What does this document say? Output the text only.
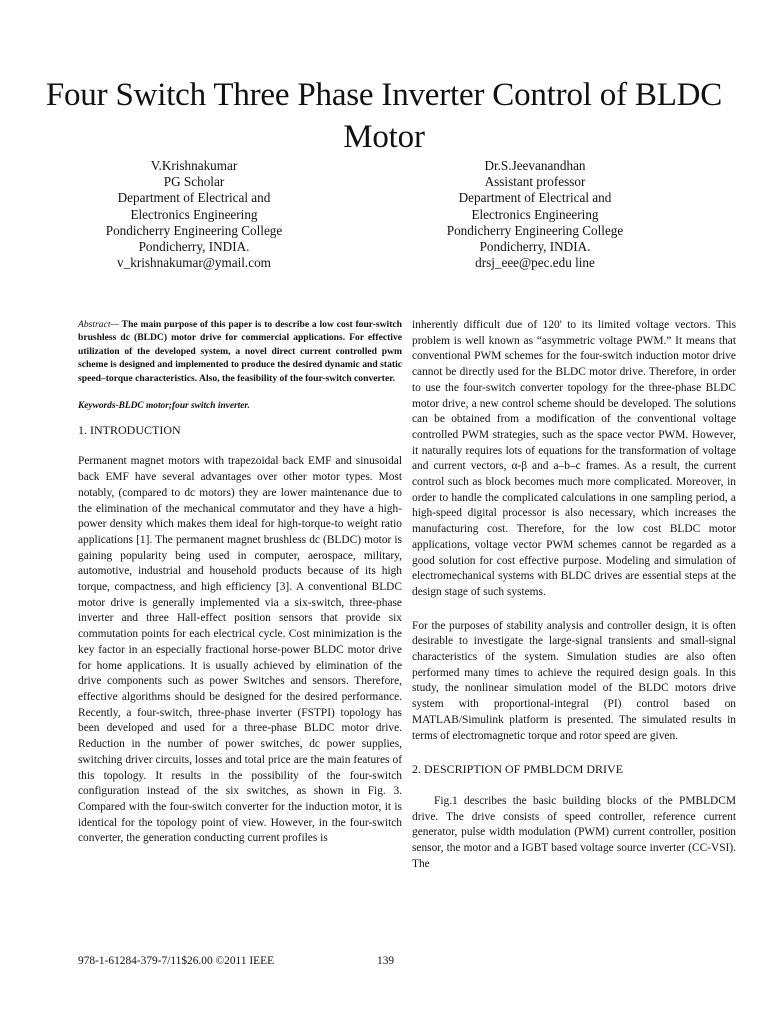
Four Switch Three Phase Inverter Control of BLDC Motor
V.Krishnakumar
PG Scholar
Department of Electrical and
Electronics Engineering
Pondicherry Engineering College
Pondicherry, INDIA.
v_krishnakumar@ymail.com
Dr.S.Jeevanandhan
Assistant professor
Department of Electrical and
Electronics Engineering
Pondicherry Engineering College
Pondicherry, INDIA.
drsj_eee@pec.edu line

Abstract— The main purpose of this paper is to describe a low cost four-switch brushless dc (BLDC) motor drive for commercial applications. For effective utilization of the developed system, a novel direct current controlled pwm scheme is designed and implemented to produce the desired dynamic and static speed–torque characteristics. Also, the feasibility of the four-switch converter.

Keywords-BLDC motor;four switch inverter.

1. INTRODUCTION

Permanent magnet motors with trapezoidal back EMF and sinusoidal back EMF have several advantages over other motor types. Most notably, (compared to dc motors) they are lower maintenance due to the elimination of the mechanical commutator and they have a high-power density which makes them ideal for high-torque-to weight ratio applications [1]. The permanent magnet brushless dc (BLDC) motor is gaining popularity being used in computer, aerospace, military, automotive, industrial and household products because of its high torque, compactness, and high efficiency [3]. A conventional BLDC motor drive is generally implemented via a six-switch, three-phase inverter and three Hall-effect position sensors that provide six commutation points for each electrical cycle. Cost minimization is the key factor in an especially fractional horse-power BLDC motor drive for home applications. It is usually achieved by elimination of the drive components such as power Switches and sensors. Therefore, effective algorithms should be designed for the desired performance. Recently, a four-switch, three-phase inverter (FSTPI) topology has been developed and used for a three-phase BLDC motor drive. Reduction in the number of power switches, dc power supplies, switching driver circuits, losses and total price are the main features of this topology. It results in the possibility of the four-switch configuration instead of the six switches, as shown in Fig. 3. Compared with the four-switch converter for the induction motor, it is identical for the topology point of view. However, in the four-switch converter, the generation conducting current profiles is

inherently difficult due of 120' to its limited voltage vectors. This problem is well known as “asymmetric voltage PWM.” It means that conventional PWM schemes for the four-switch induction motor drive cannot be directly used for the BLDC motor drive. Therefore, in order to use the four-switch converter topology for the three-phase BLDC motor drive, a new control scheme should be developed. The solutions can be obtained from a modification of the conventional voltage controlled PWM strategies, such as the space vector PWM. However, it naturally requires lots of equations for the transformation of voltage and current vectors, α-β and a–b–c frames. As a result, the current control such as block becomes much more complicated. Moreover, in order to handle the complicated calculations in one sampling period, a high-speed digital processor is also necessary, which increases the manufacturing cost. Therefore, for the low cost BLDC motor applications, voltage vector PWM schemes cannot be regarded as a good solution for cost effective purpose. Modeling and simulation of electromechanical systems with BLDC drives are essential steps at the design stage of such systems.

For the purposes of stability analysis and controller design, it is often desirable to investigate the large-signal transients and small-signal characteristics of the system. Simulation studies are also often performed many times to achieve the required design goals. In this study, the nonlinear simulation model of the BLDC motors drive system with proportional-integral (PI) control based on MATLAB/Simulink platform is presented. The simulated results in terms of electromagnetic torque and rotor speed are given.

2. DESCRIPTION OF PMBLDCM DRIVE

Fig.1 describes the basic building blocks of the PMBLDCM drive. The drive consists of speed controller, reference current generator, pulse width modulation (PWM) current controller, position sensor, the motor and a IGBT based voltage source inverter (CC-VSI). The

978-1-61284-379-7/11$26.00 ©2011 IEEE	139
